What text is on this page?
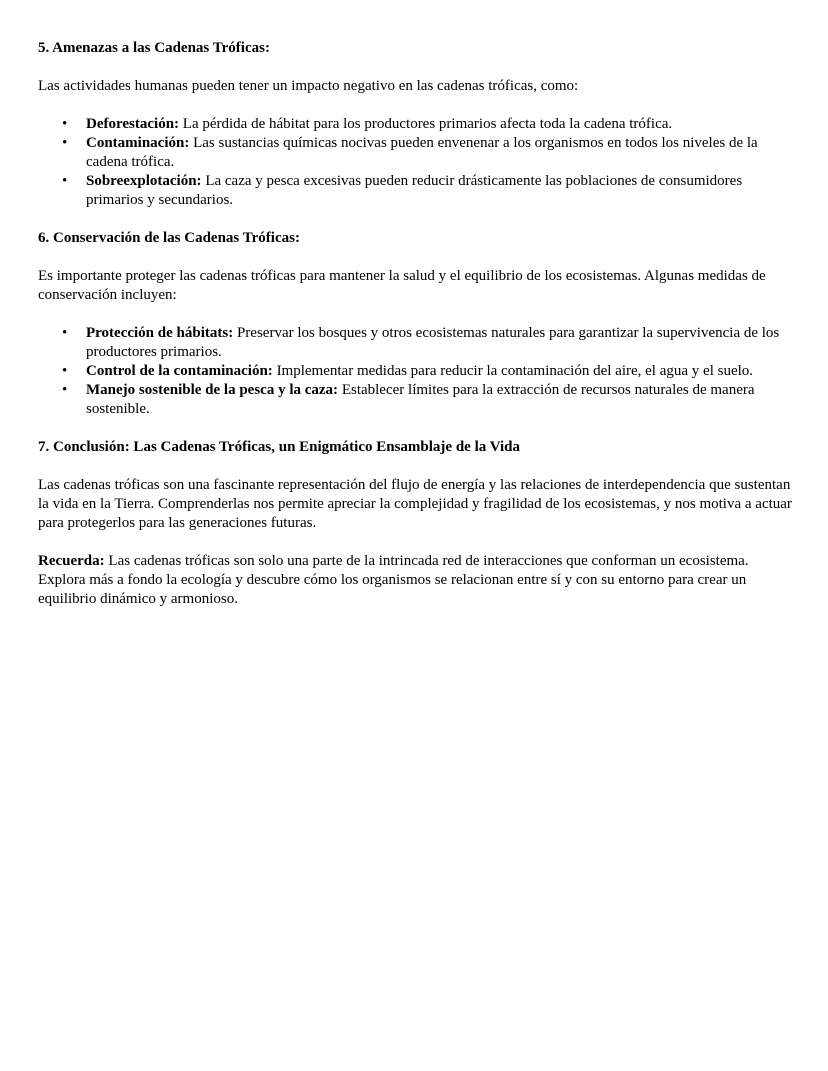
5. Amenazas a las Cadenas Tróficas:

Las actividades humanas pueden tener un impacto negativo en las cadenas tróficas, como:

• Deforestación: La pérdida de hábitat para los productores primarios afecta toda la cadena trófica.
• Contaminación: Las sustancias químicas nocivas pueden envenenar a los organismos en todos los niveles de la cadena trófica.
• Sobreexplotación: La caza y pesca excesivas pueden reducir drásticamente las poblaciones de consumidores primarios y secundarios.
6. Conservación de las Cadenas Tróficas:

Es importante proteger las cadenas tróficas para mantener la salud y el equilibrio de los ecosistemas. Algunas medidas de conservación incluyen:

• Protección de hábitats: Preservar los bosques y otros ecosistemas naturales para garantizar la supervivencia de los productores primarios.
• Control de la contaminación: Implementar medidas para reducir la contaminación del aire, el agua y el suelo.
• Manejo sostenible de la pesca y la caza: Establecer límites para la extracción de recursos naturales de manera sostenible.
7. Conclusión: Las Cadenas Tróficas, un Enigmático Ensamblaje de la Vida

Las cadenas tróficas son una fascinante representación del flujo de energía y las relaciones de interdependencia que sustentan la vida en la Tierra. Comprenderlas nos permite apreciar la complejidad y fragilidad de los ecosistemas, y nos motiva a actuar para protegerlos para las generaciones futuras.

Recuerda: Las cadenas tróficas son solo una parte de la intrincada red de interacciones que conforman un ecosistema. Explora más a fondo la ecología y descubre cómo los organismos se relacionan entre sí y con su entorno para crear un equilibrio dinámico y armonioso.
